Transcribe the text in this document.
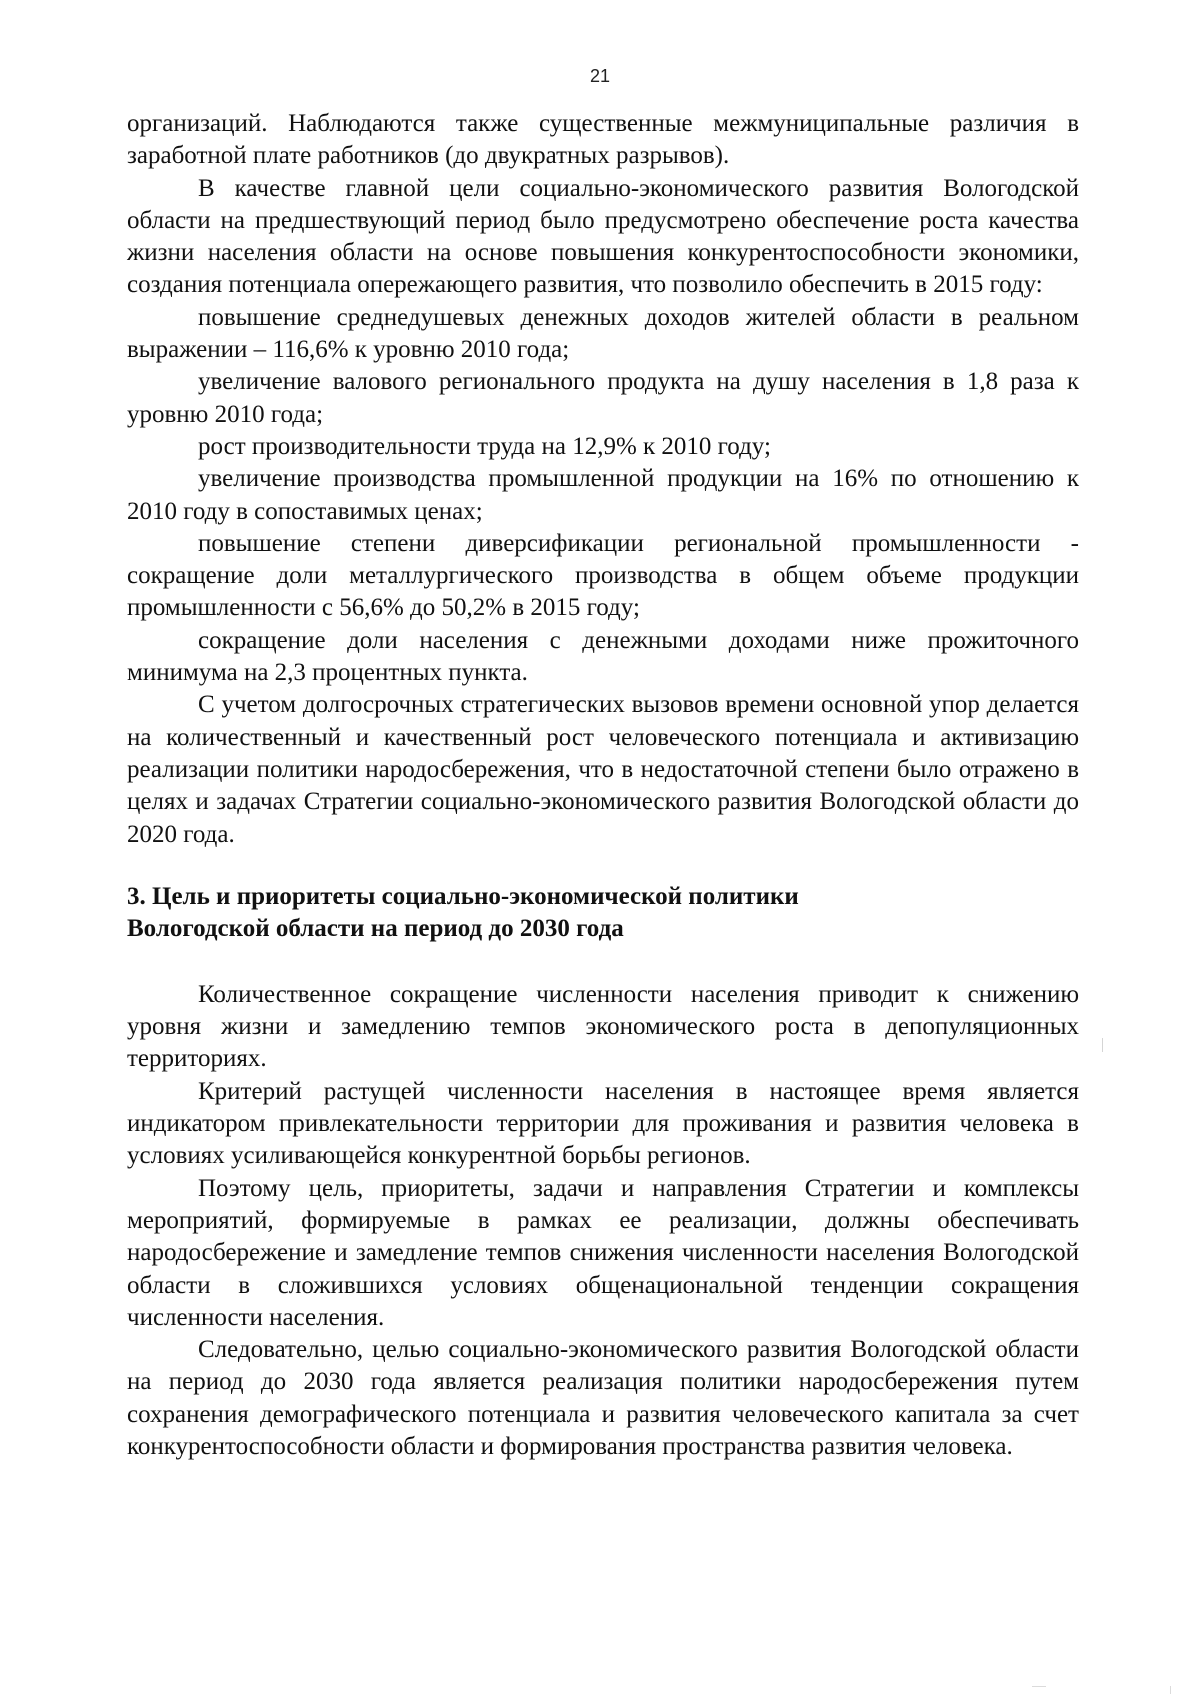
21

организаций. Наблюдаются также существенные межмуниципальные различия в заработной плате работников (до двукратных разрывов).

В качестве главной цели социально-экономического развития Вологодской области на предшествующий период было предусмотрено обеспечение роста качества жизни населения области на основе повышения конкурентоспособности экономики, создания потенциала опережающего развития, что позволило обеспечить в 2015 году:

повышение среднедушевых денежных доходов жителей области в реальном выражении – 116,6% к уровню 2010 года;

увеличение валового регионального продукта на душу населения в 1,8 раза к уровню 2010 года;

рост производительности труда на 12,9% к 2010 году;

увеличение производства промышленной продукции на 16% по отношению к 2010 году в сопоставимых ценах;

повышение степени диверсификации региональной промышленности - сокращение доли металлургического производства в общем объеме продукции промышленности с 56,6% до 50,2% в 2015 году;

сокращение доли населения с денежными доходами ниже прожиточного минимума на 2,3 процентных пункта.

С учетом долгосрочных стратегических вызовов времени основной упор делается на количественный и качественный рост человеческого потенциала и активизацию реализации политики народосбережения, что в недостаточной степени было отражено в целях и задачах Стратегии социально-экономического развития Вологодской области до 2020 года.

3. Цель и приоритеты социально-экономической политики

Вологодской области на период до 2030 года

Количественное сокращение численности населения приводит к снижению уровня жизни и замедлению темпов экономического роста в депопуляционных территориях.

Критерий растущей численности населения в настоящее время является индикатором привлекательности территории для проживания и развития человека в условиях усиливающейся конкурентной борьбы регионов.

Поэтому цель, приоритеты, задачи и направления Стратегии и комплексы мероприятий, формируемые в рамках ее реализации, должны обеспечивать народосбережение и замедление темпов снижения численности населения Вологодской области в сложившихся условиях общенациональной тенденции сокращения численности населения.

Следовательно, целью социально-экономического развития Вологодской области на период до 2030 года является реализация политики народосбережения путем сохранения демографического потенциала и развития человеческого капитала за счет конкурентоспособности области и формирования пространства развития человека.
